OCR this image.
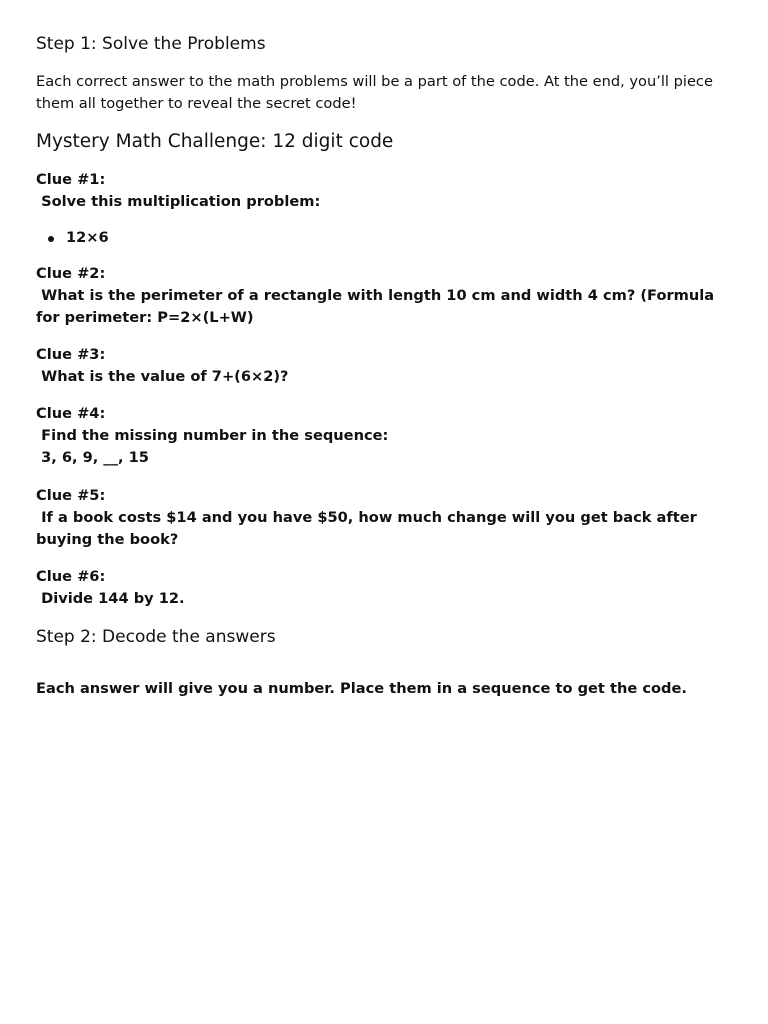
Step 1: Solve the Problems

Each correct answer to the math problems will be a part of the code. At the end, you’ll piece them all together to reveal the secret code!

Mystery Math Challenge: 12 digit code
Clue #1:
Solve this multiplication problem:
12×6
Clue #2:
What is the perimeter of a rectangle with length 10 cm and width 4 cm? (Formula for perimeter: P=2×(L+W)
Clue #3:
What is the value of 7+(6×2)?
Clue #4:
Find the missing number in the sequence:
3, 6, 9, __, 15
Clue #5:
If a book costs $14 and you have $50, how much change will you get back after buying the book?
Clue #6:
Divide 144 by 12.
Step 2: Decode the answers

Each answer will give you a number. Place them in a sequence to get the code.
